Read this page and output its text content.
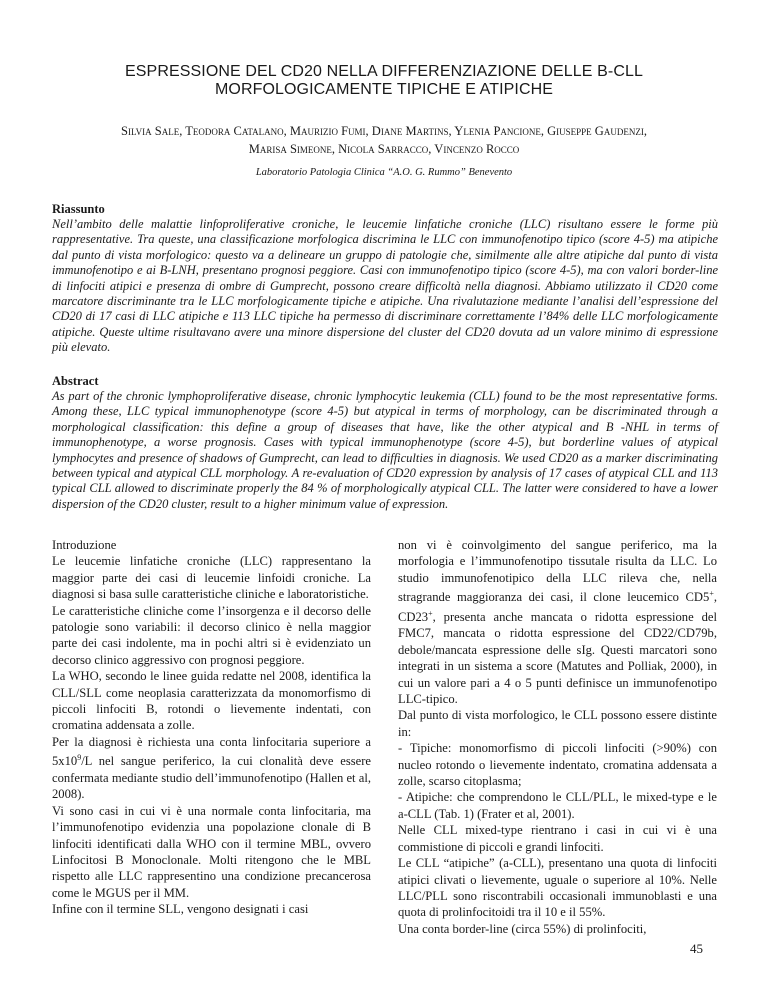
ESPRESSIONE DEL CD20 NELLA DIFFERENZIAZIONE DELLE B-CLL
MORFOLOGICAMENTE TIPICHE E ATIPICHE
Silvia Sale, Teodora Catalano, Maurizio Fumi, Diane Martins, Ylenia Pancione, Giuseppe Gaudenzi,
Marisa Simeone, Nicola Sarracco, Vincenzo Rocco
Laboratorio Patologia Clinica “A.O. G. Rummo” Benevento
Riassunto
Nell’ambito delle malattie linfoproliferative croniche, le leucemie linfatiche croniche (LLC) risultano essere le forme più rappresentative. Tra queste, una classificazione morfologica discrimina le LLC con immunofenotipo tipico (score 4-5) ma atipiche dal punto di vista morfologico: questo va a delineare un gruppo di patologie che, similmente alle altre atipiche dal punto di vista immunofenotipo e ai B-LNH, presentano prognosi peggiore. Casi con immunofenotipo tipico (score 4-5), ma con valori border-line di linfociti atipici e presenza di ombre di Gumprecht, possono creare difficoltà nella diagnosi. Abbiamo utilizzato il CD20 come marcatore discriminante tra le LLC morfologicamente tipiche e atipiche. Una rivalutazione mediante l’analisi dell’espressione del CD20 di 17 casi di LLC atipiche e 113 LLC tipiche ha permesso di discriminare correttamente l’84% delle LLC morfologicamente atipiche. Queste ultime risultavano avere una minore dispersione del cluster del CD20 dovuta ad un valore minimo di espressione più elevato.
Abstract
As part of the chronic lymphoproliferative disease, chronic lymphocytic leukemia (CLL) found to be the most representative forms. Among these, LLC typical immunophenotype (score 4-5) but atypical in terms of morphology, can be discriminated through a morphological classification: this define a group of diseases that have, like the other atypical and B -NHL in terms of immunophenotype, a worse prognosis. Cases with typical immunophenotype (score 4-5), but borderline values of atypical lymphocytes and presence of shadows of Gumprecht, can lead to difficulties in diagnosis. We used CD20 as a marker discriminating between typical and atypical CLL morphology. A re-evaluation of CD20 expression by analysis of 17 cases of atypical CLL and 113 typical CLL allowed to discriminate properly the 84 % of morphologically atypical CLL. The latter were considered to have a lower dispersion of the CD20 cluster, result to a higher minimum value of expression.

Introduzione

Le leucemie linfatiche croniche (LLC) rappresentano la maggior parte dei casi di leucemie linfoidi croniche. La diagnosi si basa sulle caratteristiche cliniche e laboratoristiche.

Le caratteristiche cliniche come l’insorgenza e il decorso delle patologie sono variabili: il decorso clinico è nella maggior parte dei casi indolente, ma in pochi altri si è evidenziato un decorso clinico aggressivo con prognosi peggiore.

La WHO, secondo le linee guida redatte nel 2008, identifica la CLL/SLL come neoplasia caratterizzata da monomorfismo di piccoli linfociti B, rotondi o lievemente indentati, con cromatina addensata a zolle.

Per la diagnosi è richiesta una conta linfocitaria superiore a $5x10^9/L$ nel sangue periferico, la cui clonalità deve essere confermata mediante studio dell’immunofenotipo (Hallen et al, 2008).

Vi sono casi in cui vi è una normale conta linfocitaria, ma l’immunofenotipo evidenzia una popolazione clonale di B linfociti identificati dalla WHO con il termine MBL, ovvero Linfocitosi B Monoclonale. Molti ritengono che le MBL rispetto alle LLC rappresentino una condizione precancerosa come le MGUS per il MM.

Infine con il termine SLL, vengono designati i casi

non vi è coinvolgimento del sangue periferico, ma la morfologia e l’immunofenotipo tissutale risulta da LLC. Lo studio immunofenotipico della LLC rileva che, nella stragrande maggioranza dei casi, il clone leucemico CD5+, CD23+, presenta anche mancata o ridotta espressione del FMC7, mancata o ridotta espressione del CD22/CD79b, debole/mancata espressione delle sIg. Questi marcatori sono integrati in un sistema a score (Matutes and Polliak, 2000), in cui un valore pari a 4 o 5 punti definisce un immunofenotipo LLC-tipico.

Dal punto di vista morfologico, le CLL possono essere distinte in:

- Tipiche: monomorfismo di piccoli linfociti (>90%) con nucleo rotondo o lievemente indentato, cromatina addensata a zolle, scarso citoplasma;

- Atipiche: che comprendono le CLL/PLL, le mixed-type e le a-CLL (Tab. 1) (Frater et al, 2001).

Nelle CLL mixed-type rientrano i casi in cui vi è una commistione di piccoli e grandi linfociti.

Le CLL “atipiche” (a-CLL), presentano una quota di linfociti atipici clivati o lievemente, uguale o superiore al 10%. Nelle LLC/PLL sono riscontrabili occasionali immunoblasti e una quota di prolinfocitoidi tra il 10 e il 55%.

Una conta border-line (circa 55%) di prolinfociti,

45
